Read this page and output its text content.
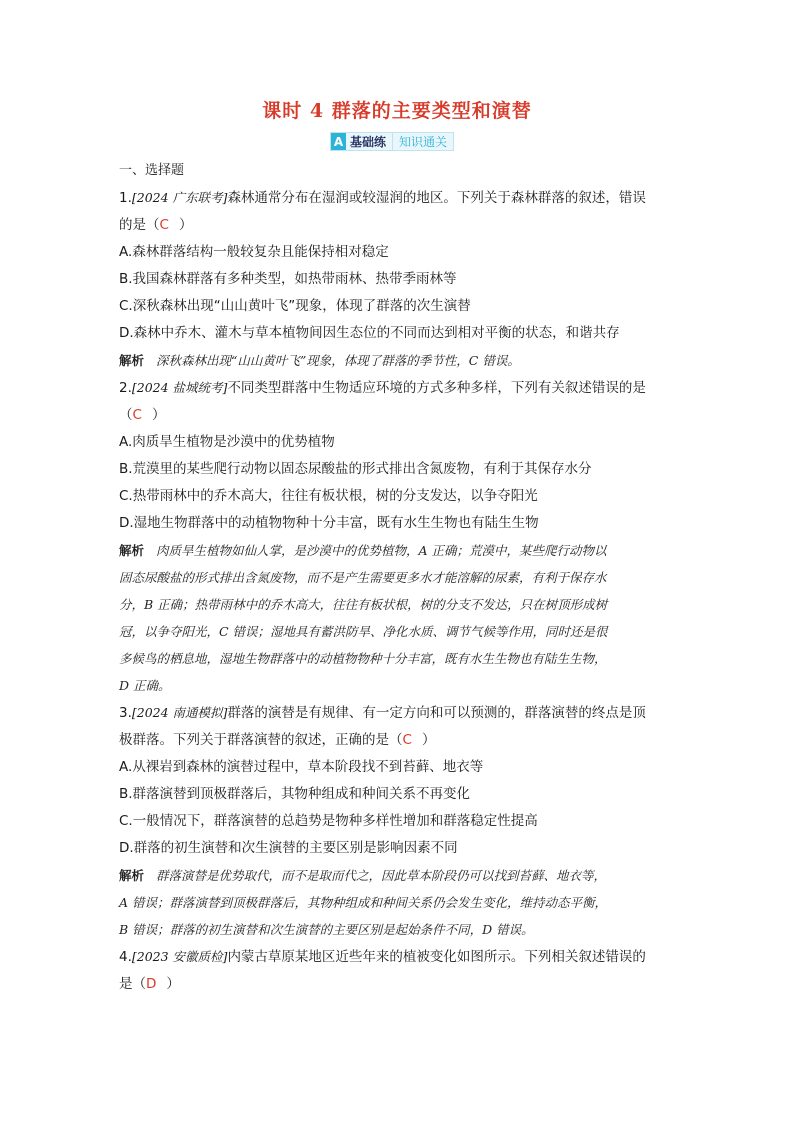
课时 4 群落的主要类型和演替
A 基础练	知识通关
一、选择题
1.[2024 广东联考]森林通常分布在湿润或较湿润的地区。下列关于森林群落的叙述，错误
的是（C ）
A.森林群落结构一般较复杂且能保持相对稳定
B.我国森林群落有多种类型，如热带雨林、热带季雨林等
C.深秋森林出现“山山黄叶飞”现象，体现了群落的次生演替
D.森林中乔木、灌木与草本植物间因生态位的不同而达到相对平衡的状态，和谐共存
解析 深秋森林出现“山山黄叶飞”现象，体现了群落的季节性，C 错误。
2.[2024 盐城统考]不同类型群落中生物适应环境的方式多种多样，下列有关叙述错误的是
（C ）
A.肉质旱生植物是沙漠中的优势植物
B.荒漠里的某些爬行动物以固态尿酸盐的形式排出含氮废物，有利于其保存水分
C.热带雨林中的乔木高大，往往有板状根，树的分支发达，以争夺阳光
D.湿地生物群落中的动植物物种十分丰富，既有水生生物也有陆生生物
解析 肉质旱生植物如仙人掌，是沙漠中的优势植物，A 正确；荒漠中，某些爬行动物以
固态尿酸盐的形式排出含氮废物，而不是产生需要更多水才能溶解的尿素，有利于保存水
分，B 正确；热带雨林中的乔木高大，往往有板状根，树的分支不发达，只在树顶形成树
冠，以争夺阳光，C 错误；湿地具有蓄洪防旱、净化水质、调节气候等作用，同时还是很
多候鸟的栖息地，湿地生物群落中的动植物物种十分丰富，既有水生生物也有陆生生物，
D 正确。
3.[2024 南通模拟]群落的演替是有规律、有一定方向和可以预测的，群落演替的终点是顶
极群落。下列关于群落演替的叙述，正确的是（C ）
A.从裸岩到森林的演替过程中，草本阶段找不到苔藓、地衣等
B.群落演替到顶极群落后，其物种组成和种间关系不再变化
C.一般情况下，群落演替的总趋势是物种多样性增加和群落稳定性提高
D.群落的初生演替和次生演替的主要区别是影响因素不同
解析 群落演替是优势取代，而不是取而代之，因此草本阶段仍可以找到苔藓、地衣等，
A 错误；群落演替到顶极群落后，其物种组成和种间关系仍会发生变化，维持动态平衡，
B 错误；群落的初生演替和次生演替的主要区别是起始条件不同，D 错误。
4.[2023 安徽质检]内蒙古草原某地区近些年来的植被变化如图所示。下列相关叙述错误的
是（D ）
